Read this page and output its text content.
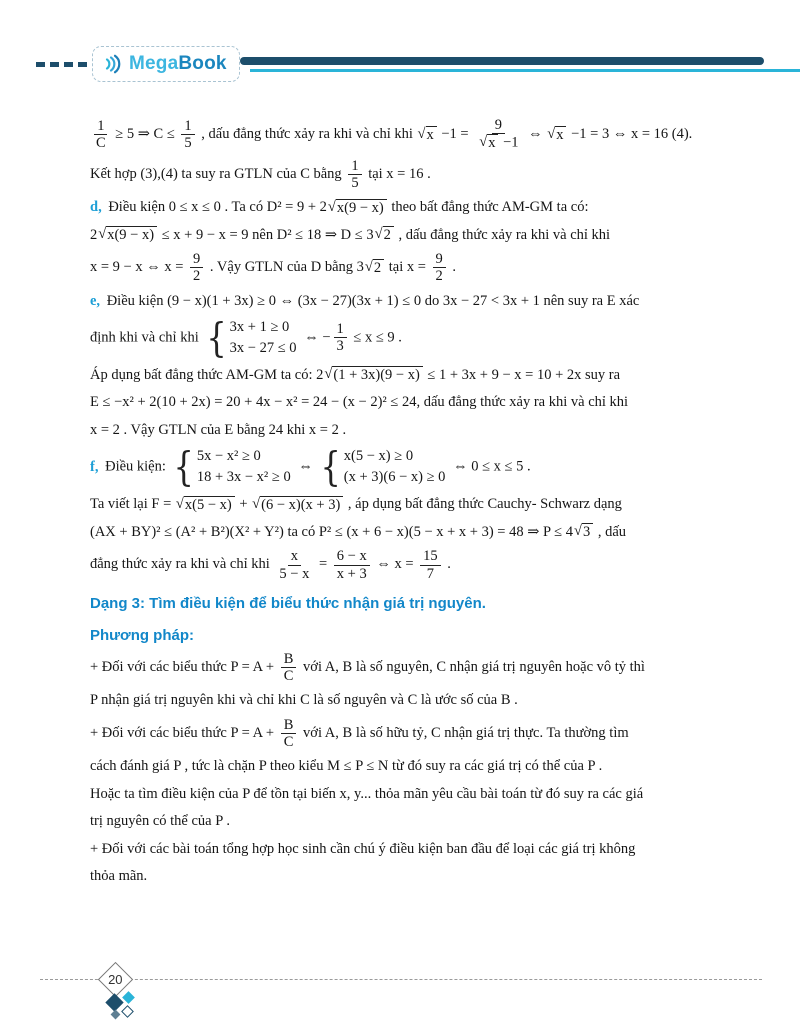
MegaBook
$\frac{1}{C} \ge 5$ ⇒ $C \le \frac{1}{5}$ , dấu đẳng thức xảy ra khi và chỉ khi √ $x -1 = \frac{9}{√ x -1}$ ⇔ √ x −1 = 3 ⇔ x = 16 (4).
Kết hợp (3),(4) ta suy ra GTLN của C bằng $\frac{1}{5}$ tại x = 16 .
d, Điều kiện 0 ≤ x ≤ 0 . Ta có D² = 9 + 2 √ x(9 − x) theo bất đẳng thức AM-GM ta có:
2 √ x(9 − x) ≤ x + 9 − x = 9 nên D² ≤ 18 ⇒ D ≤ 3 √ 2 , dấu đẳng thức xảy ra khi và chỉ khi
x = 9 − x ⇔ $x = \frac{9}{2}$ . Vậy GTLN của D bằng 3 √ 2 tại $x = \frac{9}{2}$ .
e, Điều kiện (9 − x)(1 + 3x) ≥ 0 ⇔ (3x − 27)(3x + 1) ≤ 0 do 3x − 27 < 3x + 1 nên suy ra E xác
định khi và chỉ khi { 3x + 1 ≥ 0
3x − 27 ≤ 0
⇔ − $\frac{1}{3} \le x \le 9$ .
Áp dụng bất đẳng thức AM-GM ta có: 2 √ (1 + 3x)(9 − x) ≤ 1 + 3x + 9 − x = 10 + 2x suy ra
E ≤ −x² + 2(10 + 2x) = 20 + 4x − x² = 24 − (x − 2)² ≤ 24, dấu đẳng thức xảy ra khi và chỉ khi
x = 2 . Vậy GTLN của E bằng 24 khi x = 2 .
f, Điều kiện: { 5x − x² ≥ 0
18 + 3x − x² ≥ 0
⇔ { x(5 − x) ≥ 0
(x + 3)(6 − x) ≥ 0
⇔ 0 ≤ x ≤ 5 .
Ta viết lại F = √ x(5 − x) + √ (6 − x)(x + 3) , áp dụng bất đẳng thức Cauchy- Schwarz dạng
(AX + BY)² ≤ (A² + B²)(X² + Y²) ta có P² ≤ (x + 6 − x)(5 − x + x + 3) = 48 ⇒ P ≤ 4 √ 3 , dấu
đẳng thức xảy ra khi và chỉ khi $\frac{x}{5 - x} = \frac{6 - x}{x + 3}$ ⇔ $x = \frac{15}{7}$ .
Dạng 3: Tìm điều kiện để biểu thức nhận giá trị nguyên.
Phương pháp:
+ Đối với các biểu thức $P = A + \frac{B}{C}$ với A, B là số nguyên, C nhận giá trị nguyên hoặc vô tỷ thì
P nhận giá trị nguyên khi và chỉ khi C là số nguyên và C là ước số của B .
+ Đối với các biểu thức $P = A + \frac{B}{C}$ với A, B là số hữu tỷ, C nhận giá trị thực. Ta thường tìm
cách đánh giá P , tức là chặn P theo kiểu M ≤ P ≤ N từ đó suy ra các giá trị có thể của P .
Hoặc ta tìm điều kiện của P để tồn tại biến x, y... thỏa mãn yêu cầu bài toán từ đó suy ra các giá
trị nguyên có thể của P .
+ Đối với các bài toán tổng hợp học sinh cần chú ý điều kiện ban đầu để loại các giá trị không
thỏa mãn.
20
